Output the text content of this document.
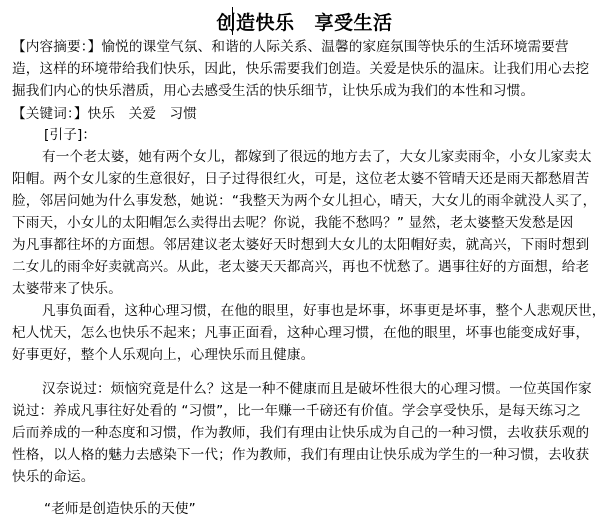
创造快乐 享受生活
【内容摘要：】愉悦的课堂气氛、和谐的人际关系、温馨的家庭氛围等快乐的生活环境需要营
造，这样的环境带给我们快乐，因此，快乐需要我们创造。关爱是快乐的温床。让我们用心去挖
掘我们内心的快乐潜质，用心去感受生活的快乐细节，让快乐成为我们的本性和习惯。
【关键词：】快乐   关爱   习惯
[引子]：
有一个老太婆，她有两个女儿，都嫁到了很远的地方去了，大女儿家卖雨伞，小女儿家卖太
阳帽。两个女儿家的生意很好，日子过得很红火，可是，这位老太婆不管晴天还是雨天都愁眉苦
脸，邻居问她为什么事发愁，她说：“我整天为两个女儿担心，晴天，大女儿的雨伞就没人买了，
下雨天，小女儿的太阳帽怎么卖得出去呢？你说，我能不愁吗？” 显然，老太婆整天发愁是因
为凡事都往坏的方面想。邻居建议老太婆好天时想到大女儿的太阳帽好卖，就高兴，下雨时想到
二女儿的雨伞好卖就高兴。从此，老太婆天天都高兴，再也不忧愁了。遇事往好的方面想，给老
太婆带来了快乐。
凡事负面看，这种心理习惯，在他的眼里，好事也是坏事，坏事更是坏事，整个人悲观厌世，
杞人忧天，怎么也快乐不起来；凡事正面看，这种心理习惯，在他的眼里，坏事也能变成好事，
好事更好，整个人乐观向上，心理快乐而且健康。
汉奈说过：烦恼究竟是什么？这是一种不健康而且是破坏性很大的心理习惯。一位英国作家
说过：养成凡事往好处看的 “习惯”，比一年赚一千磅还有价值。学会享受快乐，是每天练习之
后而养成的一种态度和习惯，作为教师，我们有理由让快乐成为自己的一种习惯，去收获乐观的
性格，以人格的魅力去感染下一代；作为教师，我们有理由让快乐成为学生的一种习惯，去收获
快乐的命运。
“老师是创造快乐的天使”
